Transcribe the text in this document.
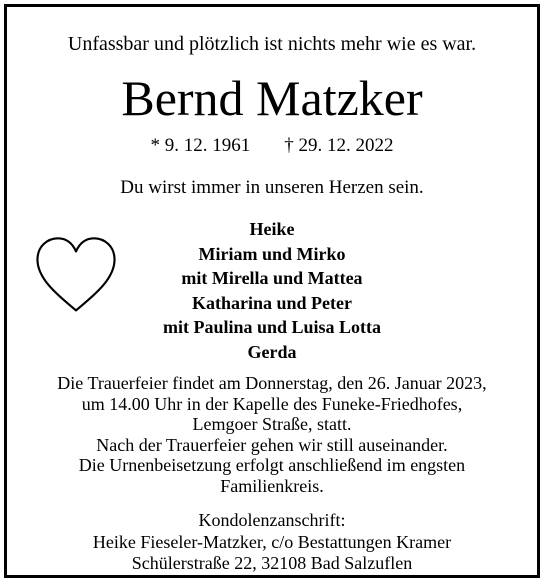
Unfassbar und plötzlich ist nichts mehr wie es war.
Bernd Matzker
* 9. 12. 1961 † 29. 12. 2022
Du wirst immer in unseren Herzen sein.
Heike
Miriam und Mirko
mit Mirella und Mattea
Katharina und Peter
mit Paulina und Luisa Lotta
Gerda
Die Trauerfeier findet am Donnerstag, den 26. Januar 2023,
um 14.00 Uhr in der Kapelle des Funeke-Friedhofes,
Lemgoer Straße, statt.
Nach der Trauerfeier gehen wir still auseinander.
Die Urnenbeisetzung erfolgt anschließend im engsten
Familienkreis.
Kondolenzanschrift:
Heike Fieseler-Matzker, c/o Bestattungen Kramer
Schülerstraße 22, 32108 Bad Salzuflen
